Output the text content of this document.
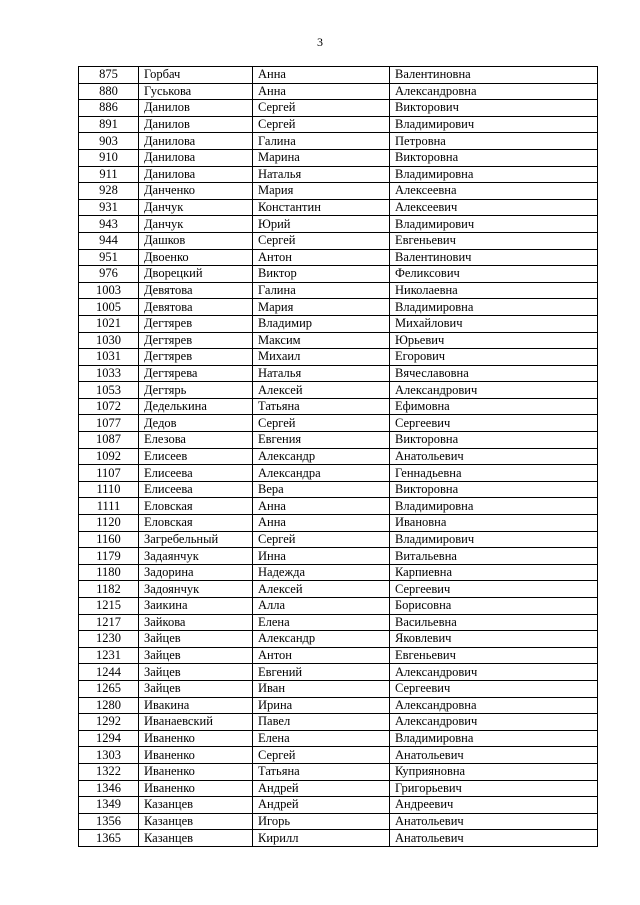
3
875	Горбач	Анна	Валентиновна
880	Гуськова	Анна	Александровна
886	Данилов	Сергей	Викторович
891	Данилов	Сергей	Владимирович
903	Данилова	Галина	Петровна
910	Данилова	Марина	Викторовна
911	Данилова	Наталья	Владимировна
928	Данченко	Мария	Алексеевна
931	Данчук	Константин	Алексеевич
943	Данчук	Юрий	Владимирович
944	Дашков	Сергей	Евгеньевич
951	Двоенко	Антон	Валентинович
976	Дворецкий	Виктор	Феликсович
1003	Девятова	Галина	Николаевна
1005	Девятова	Мария	Владимировна
1021	Дегтярев	Владимир	Михайлович
1030	Дегтярев	Максим	Юрьевич
1031	Дегтярев	Михаил	Егорович
1033	Дегтярева	Наталья	Вячеславовна
1053	Дегтярь	Алексей	Александрович
1072	Деделькина	Татьяна	Ефимовна
1077	Дедов	Сергей	Сергеевич
1087	Елезова	Евгения	Викторовна
1092	Елисеев	Александр	Анатольевич
1107	Елисеева	Александра	Геннадьевна
1110	Елисеева	Вера	Викторовна
1111	Еловская	Анна	Владимировна
1120	Еловская	Анна	Ивановна
1160	Загребельный	Сергей	Владимирович
1179	Задаянчук	Инна	Витальевна
1180	Задорина	Надежда	Карпиевна
1182	Задоянчук	Алексей	Сергеевич
1215	Заикина	Алла	Борисовна
1217	Зайкова	Елена	Васильевна
1230	Зайцев	Александр	Яковлевич
1231	Зайцев	Антон	Евгеньевич
1244	Зайцев	Евгений	Александрович
1265	Зайцев	Иван	Сергеевич
1280	Ивакина	Ирина	Александровна
1292	Иванаевский	Павел	Александрович
1294	Иваненко	Елена	Владимировна
1303	Иваненко	Сергей	Анатольевич
1322	Иваненко	Татьяна	Куприяновна
1346	Иваненко	Андрей	Григорьевич
1349	Казанцев	Андрей	Андреевич
1356	Казанцев	Игорь	Анатольевич
1365	Казанцев	Кирилл	Анатольевич
